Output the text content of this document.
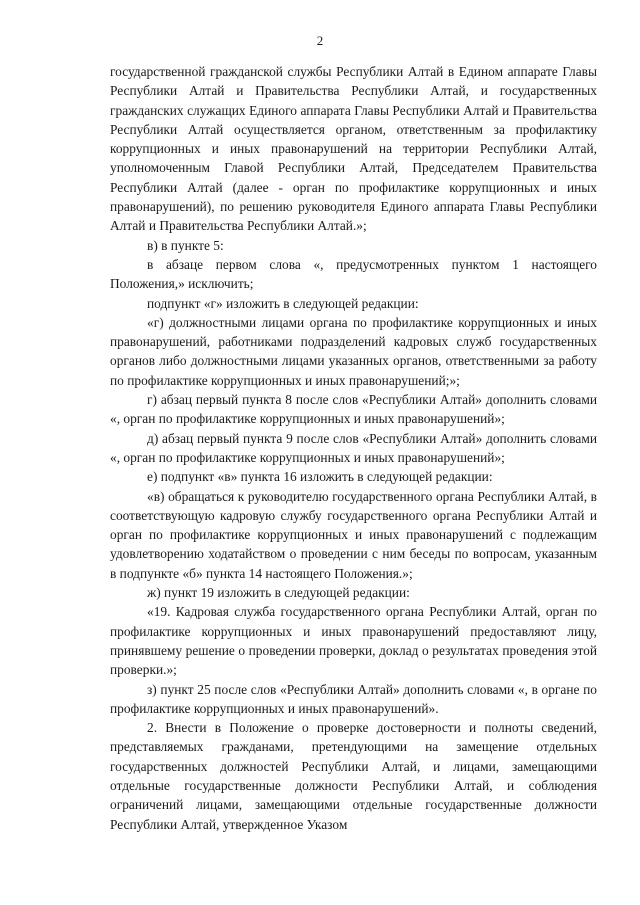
2

государственной гражданской службы Республики Алтай в Едином аппарате Главы Республики Алтай и Правительства Республики Алтай, и государственных гражданских служащих Единого аппарата Главы Республики Алтай и Правительства Республики Алтай осуществляется органом, ответственным за профилактику коррупционных и иных правонарушений на территории Республики Алтай, уполномоченным Главой Республики Алтай, Председателем Правительства Республики Алтай (далее - орган по профилактике коррупционных и иных правонарушений), по решению руководителя Единого аппарата Главы Республики Алтай и Правительства Республики Алтай.»;

в) в пункте 5:

в абзаце первом слова «, предусмотренных пунктом 1 настоящего Положения,» исключить;

подпункт «г» изложить в следующей редакции:

«г) должностными лицами органа по профилактике коррупционных и иных правонарушений, работниками подразделений кадровых служб государственных органов либо должностными лицами указанных органов, ответственными за работу по профилактике коррупционных и иных правонарушений;»;

г) абзац первый пункта 8 после слов «Республики Алтай» дополнить словами «, орган по профилактике коррупционных и иных правонарушений»;

д) абзац первый пункта 9 после слов «Республики Алтай» дополнить словами «, орган по профилактике коррупционных и иных правонарушений»;

е) подпункт «в» пункта 16 изложить в следующей редакции:

«в) обращаться к руководителю государственного органа Республики Алтай, в соответствующую кадровую службу государственного органа Республики Алтай и орган по профилактике коррупционных и иных правонарушений с подлежащим удовлетворению ходатайством о проведении с ним беседы по вопросам, указанным в подпункте «б» пункта 14 настоящего Положения.»;

ж) пункт 19 изложить в следующей редакции:

«19. Кадровая служба государственного органа Республики Алтай, орган по профилактике коррупционных и иных правонарушений предоставляют лицу, принявшему решение о проведении проверки, доклад о результатах проведения этой проверки.»;

з) пункт 25 после слов «Республики Алтай» дополнить словами «, в органе по профилактике коррупционных и иных правонарушений».

2. Внести в Положение о проверке достоверности и полноты сведений, представляемых гражданами, претендующими на замещение отдельных государственных должностей Республики Алтай, и лицами, замещающими отдельные государственные должности Республики Алтай, и соблюдения ограничений лицами, замещающими отдельные государственные должности Республики Алтай, утвержденное Указом
